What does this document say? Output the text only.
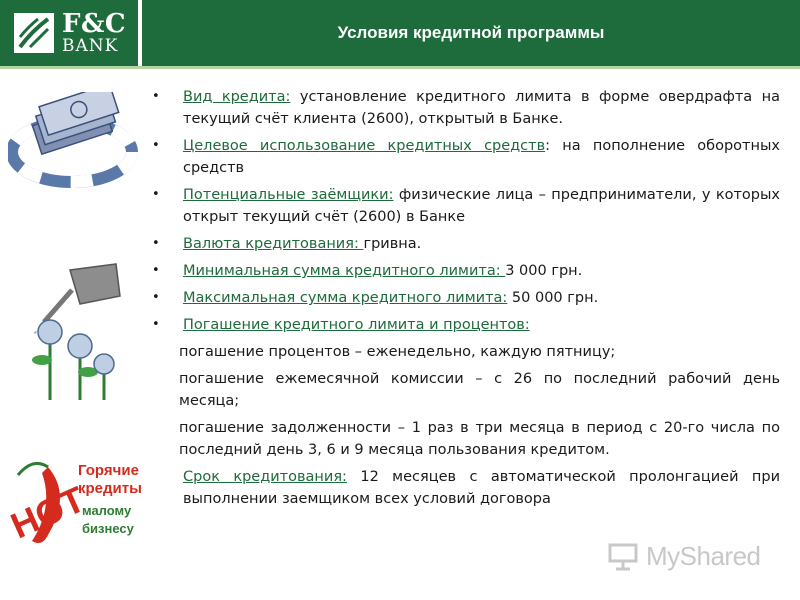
F&C
BANK
Условия кредитной программы
HOT
Горячие
кредиты
малому
бизнесу
• Вид кредита: установление кредитного лимита в форме овердрафта на текущий счёт клиента (2600), открытый в Банке.
• Целевое использование кредитных средств: на пополнение оборотных средств
• Потенциальные заёмщики: физические лица – предприниматели, у которых открыт текущий счёт (2600) в Банке
• Валюта кредитования: гривна.
• Минимальная сумма кредитного лимита: 3 000 грн.
• Максимальная сумма кредитного лимита: 50 000 грн.
• Погашение кредитного лимита и процентов:
погашение процентов – еженедельно, каждую пятницу;
погашение ежемесячной комиссии – с 26 по последний рабочий день месяца;
погашение задолженности – 1 раз в три месяца в период с 20-го числа по последний день 3, 6 и 9 месяца пользования кредитом.
Срок кредитования: 12 месяцев с автоматической пролонгацией при выполнении заемщиком всех условий договора
MyShared
